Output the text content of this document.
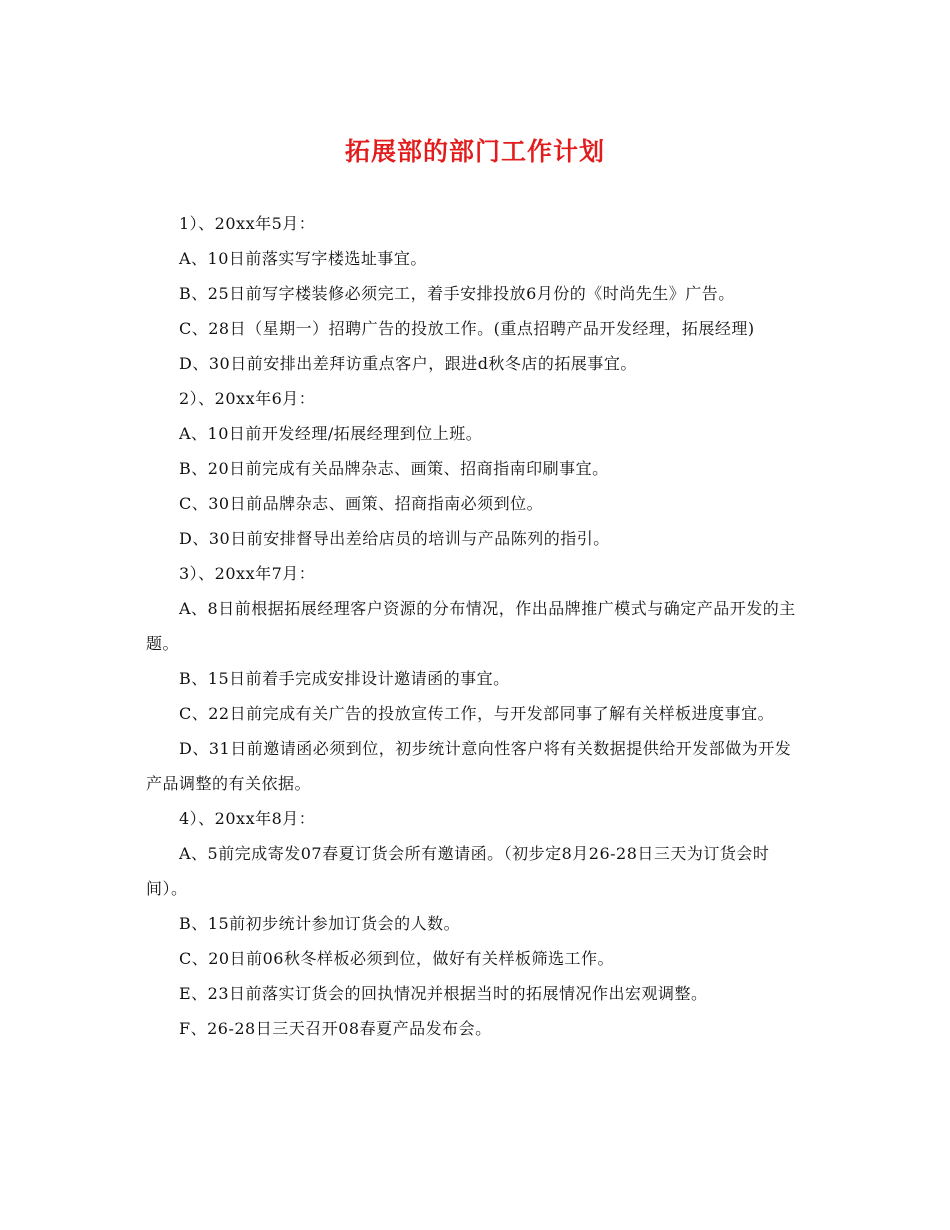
拓展部的部门工作计划

1）、20xx年5月：

A、10日前落实写字楼选址事宜。

B、25日前写字楼装修必须完工，着手安排投放6月份的《时尚先生》广告。

C、28日（星期一）招聘广告的投放工作。(重点招聘产品开发经理，拓展经理)

D、30日前安排出差拜访重点客户，跟进d秋冬店的拓展事宜。

2）、20xx年6月：

A、10日前开发经理/拓展经理到位上班。

B、20日前完成有关品牌杂志、画策、招商指南印刷事宜。

C、30日前品牌杂志、画策、招商指南必须到位。

D、30日前安排督导出差给店员的培训与产品陈列的指引。

3）、20xx年7月：

A、8日前根据拓展经理客户资源的分布情况，作出品牌推广模式与确定产品开发的主题。

B、15日前着手完成安排设计邀请函的事宜。

C、22日前完成有关广告的投放宣传工作，与开发部同事了解有关样板进度事宜。

D、31日前邀请函必须到位，初步统计意向性客户将有关数据提供给开发部做为开发产品调整的有关依据。

4）、20xx年8月：

A、5前完成寄发07春夏订货会所有邀请函。（初步定8月26-28日三天为订货会时间）。

B、15前初步统计参加订货会的人数。

C、20日前06秋冬样板必须到位，做好有关样板筛选工作。

E、23日前落实订货会的回执情况并根据当时的拓展情况作出宏观调整。

F、26-28日三天召开08春夏产品发布会。
